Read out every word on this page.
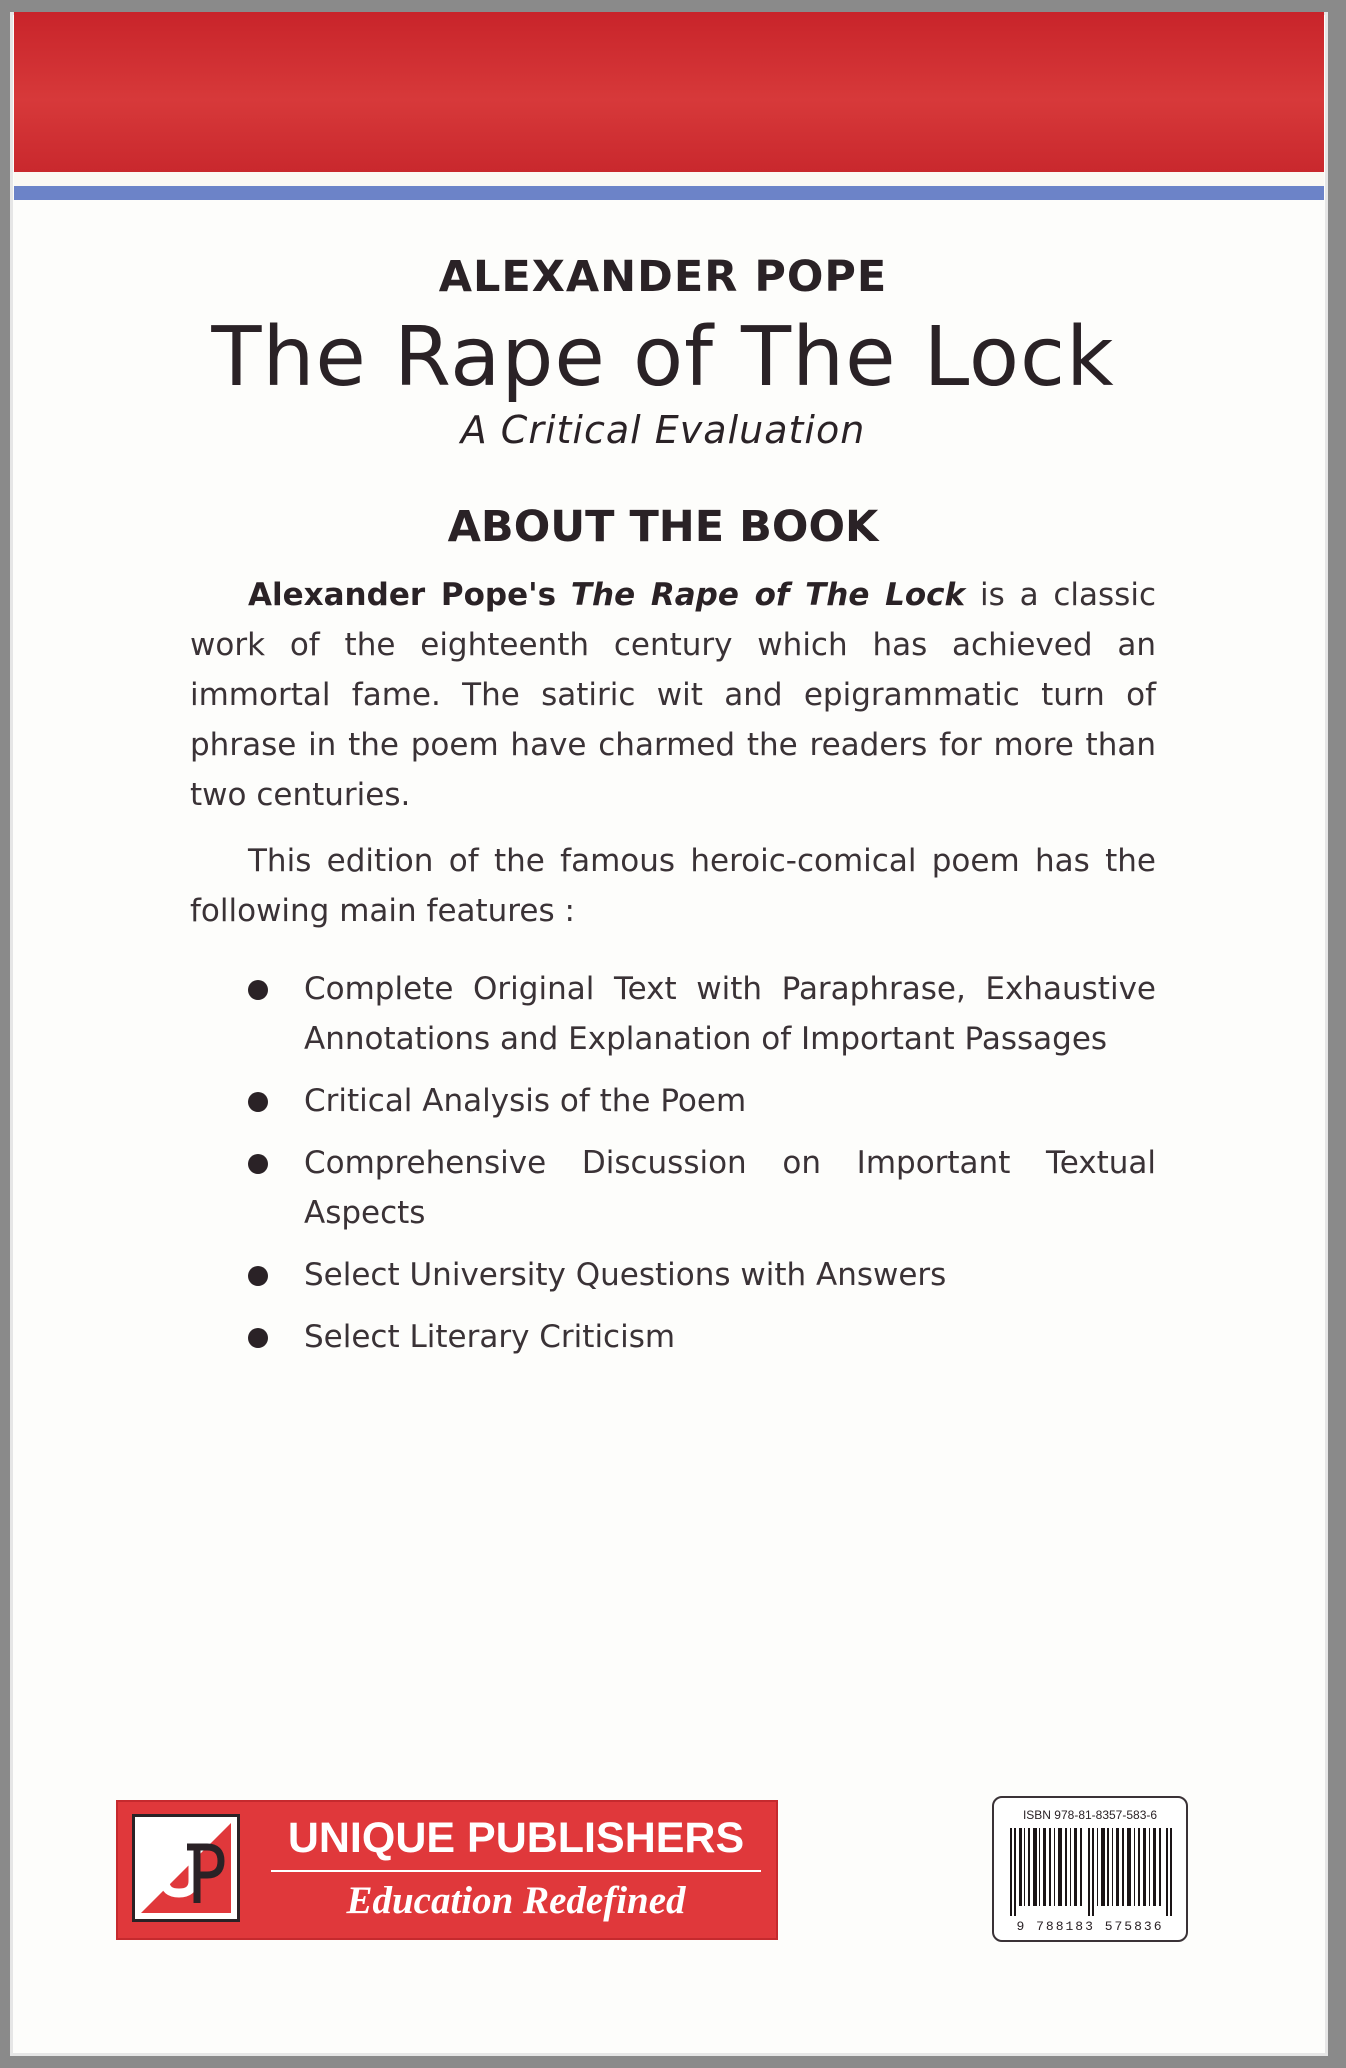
ALEXANDER POPE
The Rape of The Lock
A Critical Evaluation
ABOUT THE BOOK

Alexander Pope's The Rape of The Lock is a classic work of the eighteenth century which has achieved an immortal fame. The satiric wit and epigrammatic turn of phrase in the poem have charmed the readers for more than two centuries.

This edition of the famous heroic-comical poem has the following main features :

Complete Original Text with Paraphrase, Exhaustive Annotations and Explanation of Important Passages
Critical Analysis of the Poem
Comprehensive Discussion on Important Textual Aspects
Select University Questions with Answers
Select Literary Criticism
UNIQUE PUBLISHERS
Education Redefined
ISBN 978-81-8357-583-6
9 788183 575836
